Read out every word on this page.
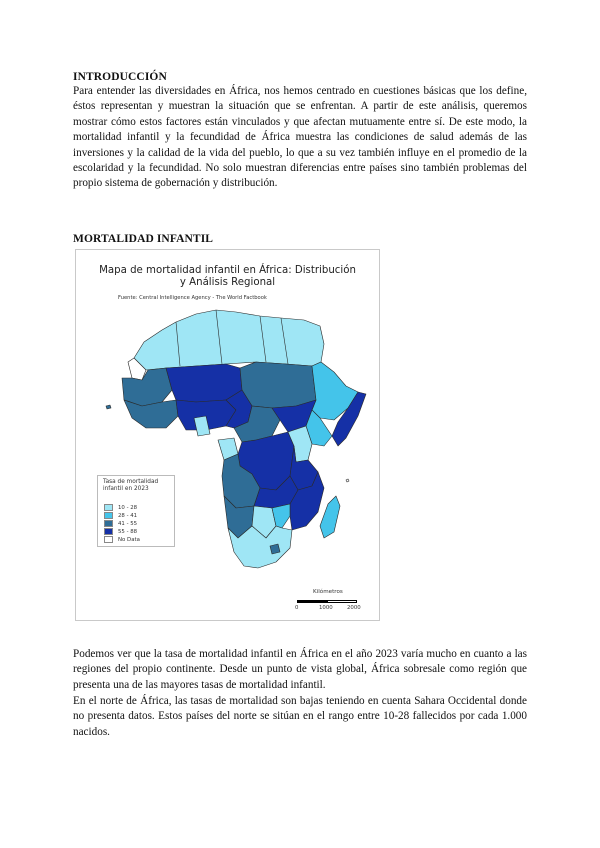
INTRODUCCIÓN

Para entender las diversidades en África, nos hemos centrado en cuestiones básicas que los define, éstos representan y muestran la situación que se enfrentan. A partir de este análisis, queremos mostrar cómo estos factores están vinculados y que afectan mutuamente entre sí. De este modo, la mortalidad infantil y la fecundidad de África muestra las condiciones de salud además de las inversiones y la calidad de la vida del pueblo, lo que a su vez también influye en el promedio de la escolaridad y la fecundidad. No solo muestran diferencias entre países sino también problemas del propio sistema de gobernación y distribución.

MORTALIDAD INFANTIL
Mapa de mortalidad infantil en África: Distribución
y Análisis Regional
Fuente: Central Intelligence Agency - The World Factbook
Tasa de mortalidad
infantil en 2023
10 - 28
28 - 41
41 - 55
55 - 88
No Data
Kilómetros
0	1000	2000

Podemos ver que la tasa de mortalidad infantil en África en el año 2023 varía mucho en cuanto a las regiones del propio continente. Desde un punto de vista global, África sobresale como región que presenta una de las mayores tasas de mortalidad infantil.

En el norte de África, las tasas de mortalidad son bajas teniendo en cuenta Sahara Occidental donde no presenta datos. Estos países del norte se sitúan en el rango entre 10-28 fallecidos por cada 1.000 nacidos.
